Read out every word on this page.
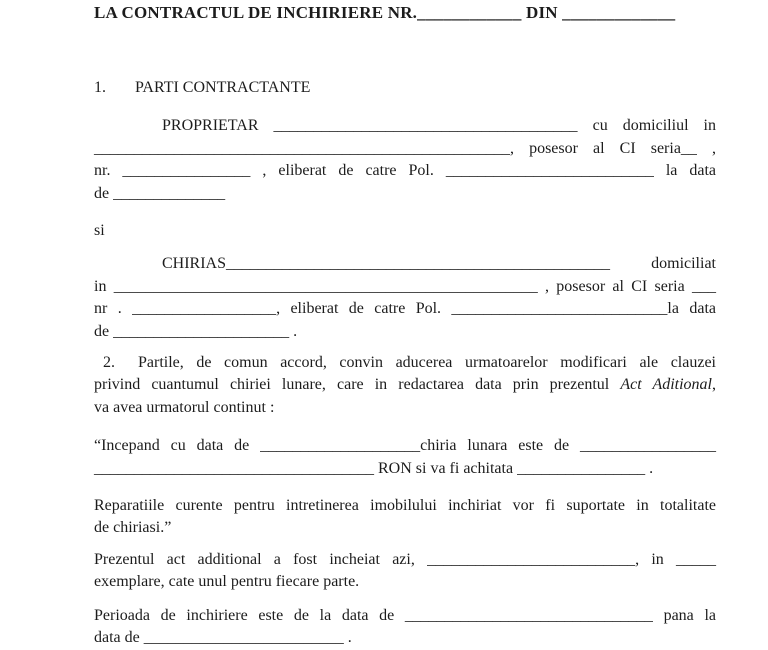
LA CONTRACTUL DE INCHIRIERE NR.____________ DIN _____________
1. PARTI CONTRACTANTE
PROPRIETAR ______________________________________ cu domiciliul in
____________________________________________________, posesor al CI seria__ ,
nr. ________________ , eliberat de catre Pol. __________________________ la data
de ______________
si
CHIRIAS________________________________________________ domiciliat
in _____________________________________________________ , posesor al CI seria ___
nr . __________________, eliberat de catre Pol. ___________________________la data
de ______________________ .
2. Partile, de comun accord, convin aducerea urmatoarelor modificari ale clauzei
privind cuantumul chiriei lunare, care in redactarea data prin prezentul Act Aditional,
va avea urmatorul continut :
“Incepand cu data de ____________________chiria lunara este de _________________
___________________________________ RON si va fi achitata ________________ .
Reparatiile curente pentru intretinerea imobilului inchiriat vor fi suportate in totalitate
de chiriasi.”
Prezentul act additional a fost incheiat azi, __________________________, in _____
exemplare, cate unul pentru fiecare parte.
Perioada de inchiriere este de la data de _______________________________ pana la
data de _________________________ .
